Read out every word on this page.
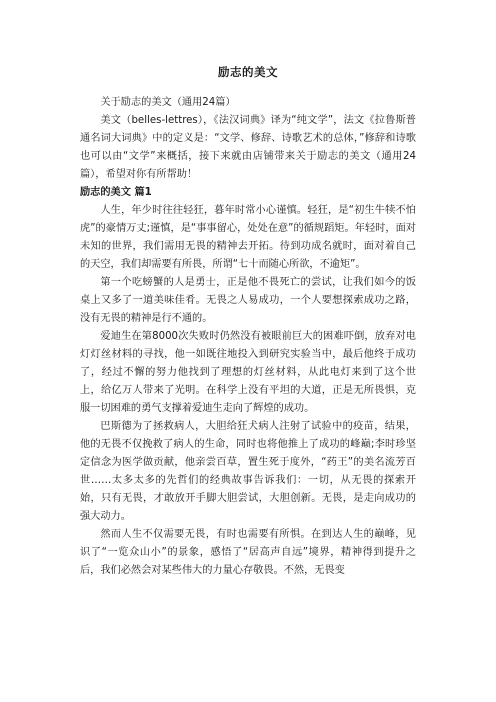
励志的美文

关于励志的美文（通用24篇）

美文（belles-lettres），《法汉词典》译为“纯文学”，法文《拉鲁斯普通名词大词典》中的定义是：“文学、修辞、诗歌艺术的总体，”修辞和诗歌也可以由“文学”来概括，接下来就由店铺带来关于励志的美文（通用24篇），希望对你有所帮助！

励志的美文 篇1

人生，年少时往往轻狂，暮年时常小心谨慎。轻狂，是“初生牛犊不怕虎”的豪情万丈;谨慎，是“事事留心，处处在意”的循规蹈矩。年轻时，面对未知的世界，我们需用无畏的精神去开拓。待到功成名就时，面对着自己的天空，我们却需要有所畏，所谓“七十而随心所欲，不逾矩”。

第一个吃螃蟹的人是勇士，正是他不畏死亡的尝试，让我们如今的饭桌上又多了一道美味佳肴。无畏之人易成功，一个人要想探索成功之路，没有无畏的精神是行不通的。

爱迪生在第8000次失败时仍然没有被眼前巨大的困难吓倒，放弃对电灯灯丝材料的寻找，他一如既往地投入到研究实验当中，最后他终于成功了，经过不懈的努力他找到了理想的灯丝材料，从此电灯来到了这个世上，给亿万人带来了光明。在科学上没有平坦的大道，正是无所畏惧，克服一切困难的勇气支撑着爱迪生走向了辉煌的成功。

巴斯德为了拯救病人，大胆给狂犬病人注射了试验中的疫苗，结果，他的无畏不仅挽救了病人的生命，同时也将他推上了成功的峰巅;李时珍坚定信念为医学做贡献，他亲尝百草，置生死于度外，“药王”的美名流芳百世……太多太多的先哲们的经典故事告诉我们：一切，从无畏的探索开始，只有无畏，才敢放开手脚大胆尝试，大胆创新。无畏，是走向成功的强大动力。

然而人生不仅需要无畏，有时也需要有所惧。在到达人生的巅峰，见识了“一览众山小”的景象，感悟了“居高声自远”境界，精神得到提升之后，我们必然会对某些伟大的力量心存敬畏。不然，无畏变
